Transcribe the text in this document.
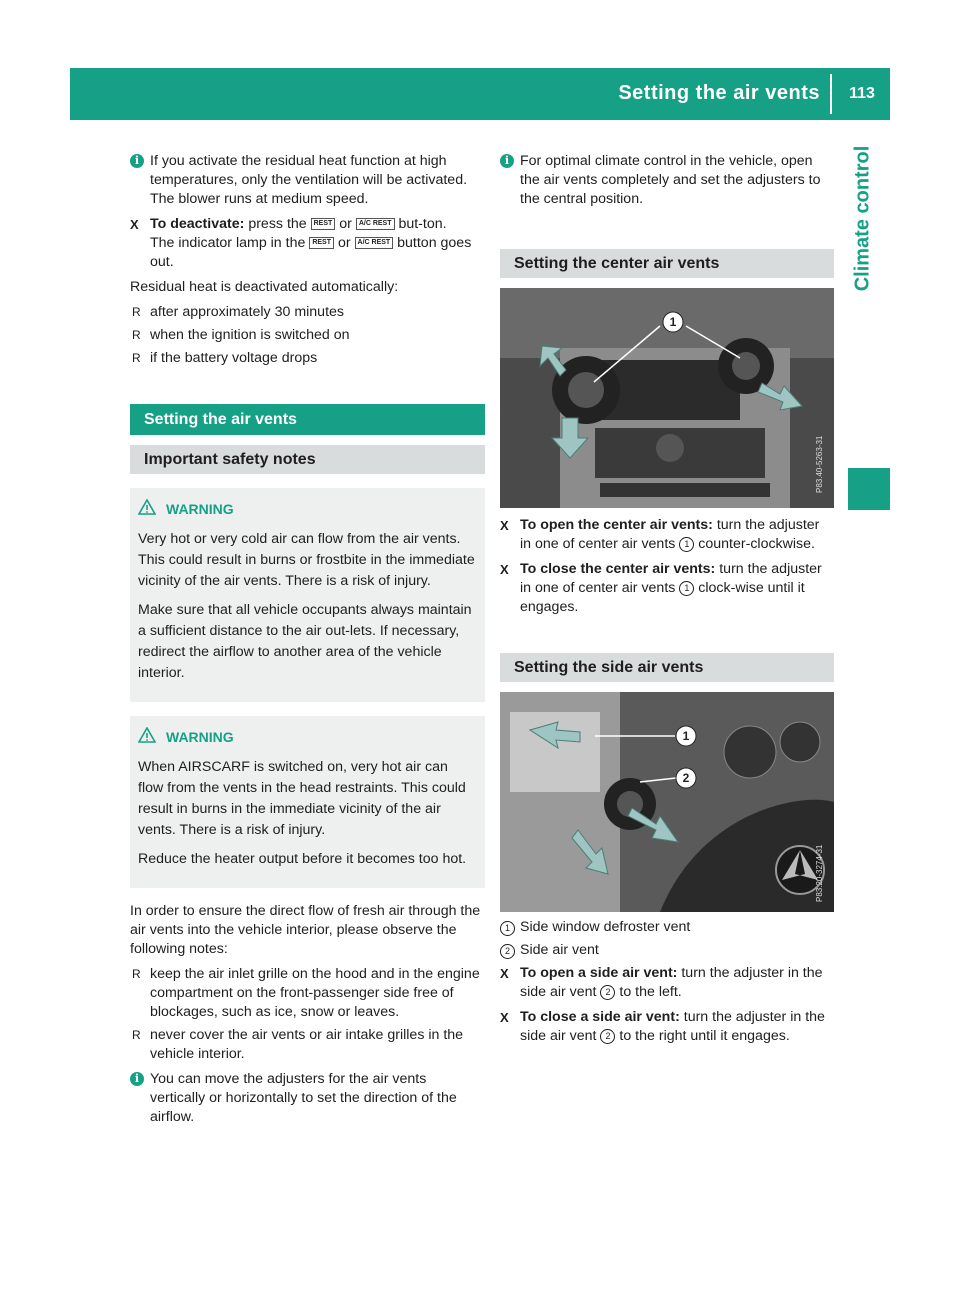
Setting the air vents	113
Climate control
i If you activate the residual heat function at high temperatures, only the ventilation will be activated. The blower runs at medium speed.
X To deactivate: press the REST or A/C REST but-ton.
The indicator lamp in the REST or A/C REST button goes out.
Residual heat is deactivated automatically:
R after approximately 30 minutes
R when the ignition is switched on
R if the battery voltage drops
Setting the air vents
Important safety notes
WARNING

Very hot or very cold air can flow from the air vents. This could result in burns or frostbite in the immediate vicinity of the air vents. There is a risk of injury.

Make sure that all vehicle occupants always maintain a sufficient distance to the air out-lets. If necessary, redirect the airflow to another area of the vehicle interior.

WARNING

When AIRSCARF is switched on, very hot air can flow from the vents in the head restraints. This could result in burns in the immediate vicinity of the air vents. There is a risk of injury.

Reduce the heater output before it becomes too hot.

In order to ensure the direct flow of fresh air through the air vents into the vehicle interior, please observe the following notes:
R keep the air inlet grille on the hood and in the engine compartment on the front-passenger side free of blockages, such as ice, snow or leaves.
R never cover the air vents or air intake grilles in the vehicle interior.
i You can move the adjusters for the air vents vertically or horizontally to set the direction of the airflow.
i For optimal climate control in the vehicle, open the air vents completely and set the adjusters to the central position.
Setting the center air vents
1
P83.40-5263-31
X To open the center air vents: turn the adjuster in one of center air vents 1 counter-clockwise.
X To close the center air vents: turn the adjuster in one of center air vents 1 clock-wise until it engages.
Setting the side air vents
1
2
P83.20-3274-31
1 Side window defroster vent
2 Side air vent
X To open a side air vent: turn the adjuster in the side air vent 2 to the left.
X To close a side air vent: turn the adjuster in the side air vent 2 to the right until it engages.
